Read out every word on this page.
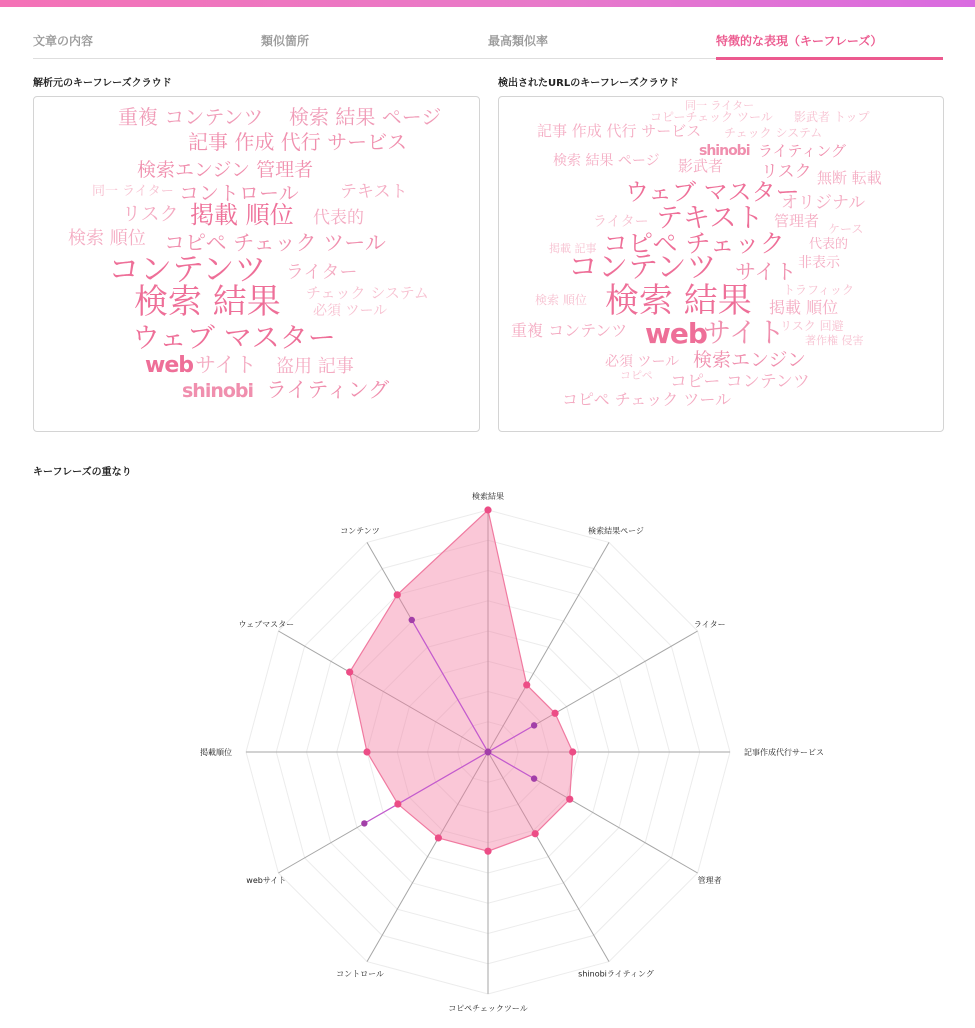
文章の内容	類似箇所	最高類似率	特徴的な表現（キーフレーズ）
解析元のキーフレーズクラウド	検出されたURLのキーフレーズクラウド
重複 コンテンツ 検索 結果 ページ
記事 作成 代行 サービス
検索エンジン 管理者
同一 ライター コントロール テキスト
リスク 掲載 順位 代表的
検索 順位 コピペ チェック ツール
コンテンツ ライター
検索 結果 チェック システム
必須 ツール
ウェブ マスター
web サイト 盗用 記事
shinobi ライティング
同一 ライター
コピーチェック ツール 影武者 トップ
記事 作成 代行 サービス チェック システム
検索 結果 ページ 影武者
shinobi ライティング
リスク 無断 転載
ウェブ マスター
オリジナル
ライター テキスト 管理者 ケース
掲載 記事 コピペ チェック 代表的
非表示
コンテンツ サイト
トラフィック
検索 順位 検索 結果 掲載 順位
リスク 回避
重複 コンテンツ web
サイト 著作権 侵害
必須 ツール 検索エンジン
コピペ コピー コンテンツ
コピペ チェック ツール
キーフレーズの重なり
検索結果
検索結果ページ
ライター
記事作成代行サービス
管理者
shinobiライティング
コピペチェックツール
コントロール
webサイト
掲載順位
ウェブマスター
コンテンツ
